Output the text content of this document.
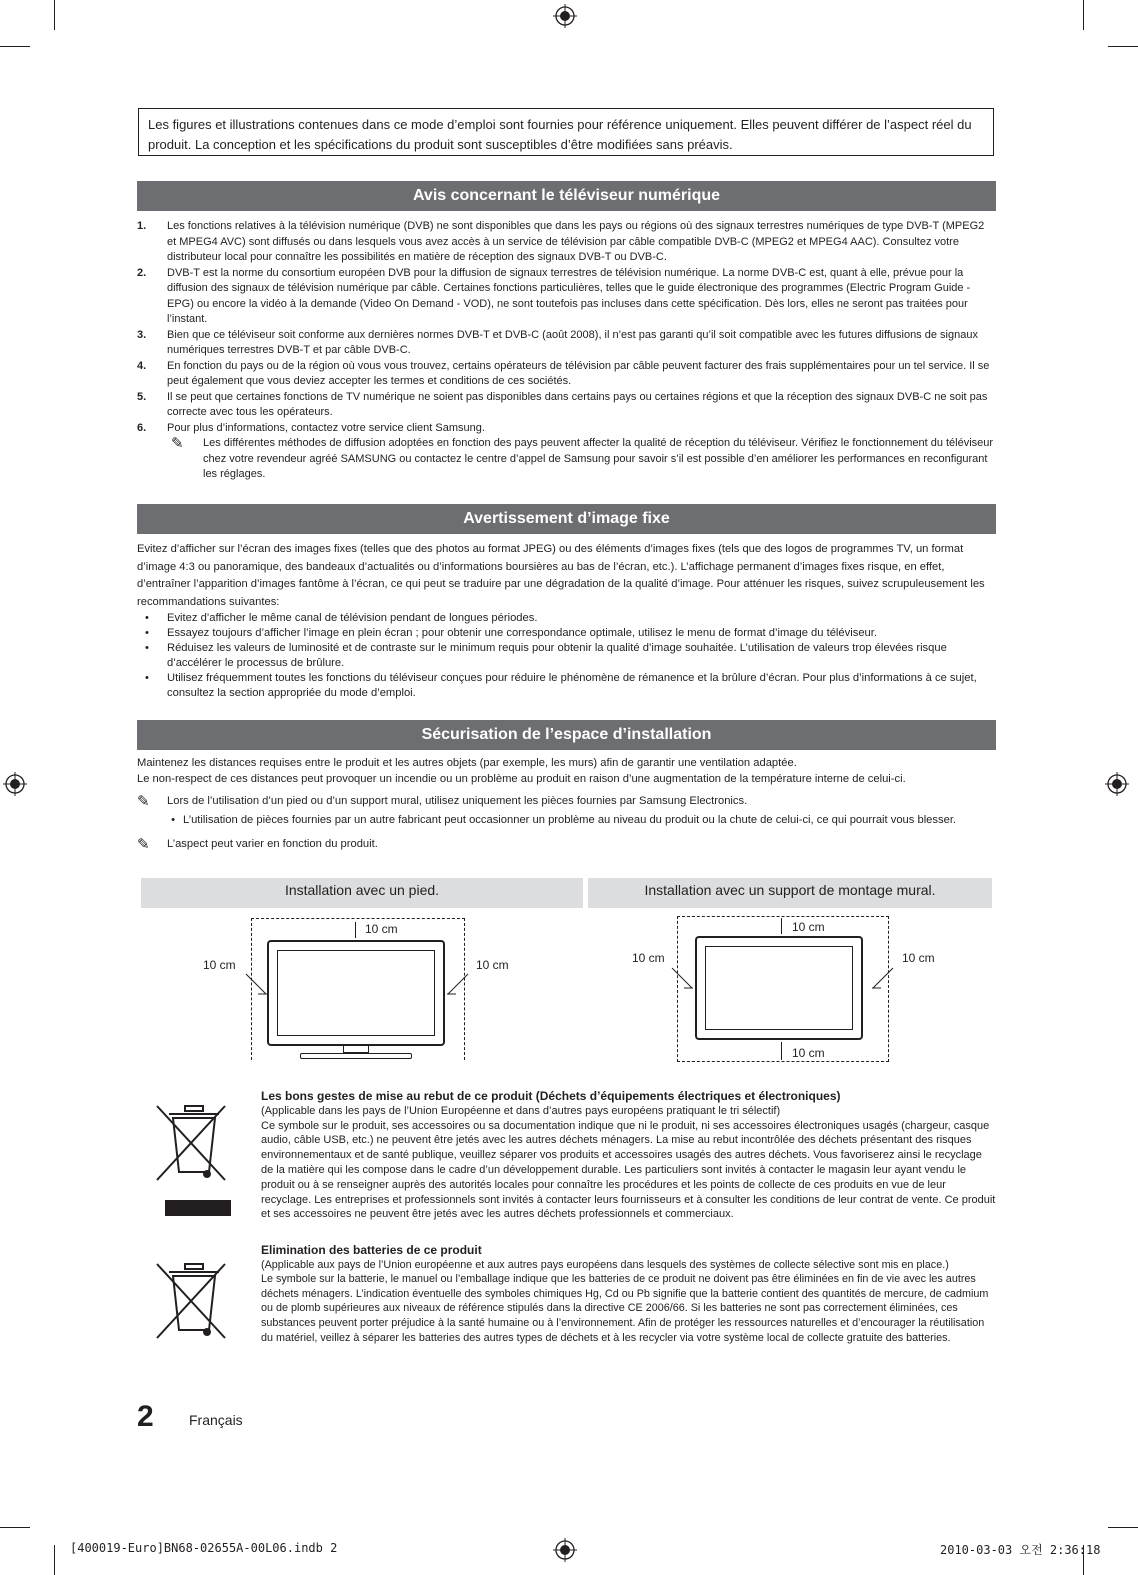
Les figures et illustrations contenues dans ce mode d’emploi sont fournies pour référence uniquement. Elles peuvent différer de l’aspect réel du produit. La conception et les spécifications du produit sont susceptibles d’être modifiées sans préavis.
Avis concernant le téléviseur numérique
1.	Les fonctions relatives à la télévision numérique (DVB) ne sont disponibles que dans les pays ou régions où des signaux terrestres numériques de type DVB-T (MPEG2 et MPEG4 AVC) sont diffusés ou dans lesquels vous avez accès à un service de télévision par câble compatible DVB-C (MPEG2 et MPEG4 AAC). Consultez votre distributeur local pour connaître les possibilités en matière de réception des signaux DVB-T ou DVB-C.
2.	DVB-T est la norme du consortium européen DVB pour la diffusion de signaux terrestres de télévision numérique. La norme DVB-C est, quant à elle, prévue pour la diffusion des signaux de télévision numérique par câble. Certaines fonctions particulières, telles que le guide électronique des programmes (Electric Program Guide - EPG) ou encore la vidéo à la demande (Video On Demand - VOD), ne sont toutefois pas incluses dans cette spécification. Dès lors, elles ne seront pas traitées pour l’instant.
3.	Bien que ce téléviseur soit conforme aux dernières normes DVB-T et DVB-C (août 2008), il n’est pas garanti qu’il soit compatible avec les futures diffusions de signaux numériques terrestres DVB-T et par câble DVB-C.
4.	En fonction du pays ou de la région où vous vous trouvez, certains opérateurs de télévision par câble peuvent facturer des frais supplémentaires pour un tel service. Il se peut également que vous deviez accepter les termes et conditions de ces sociétés.
5.	Il se peut que certaines fonctions de TV numérique ne soient pas disponibles dans certains pays ou certaines régions et que la réception des signaux DVB-C ne soit pas correcte avec tous les opérateurs.
6.	Pour plus d’informations, contactez votre service client Samsung.
✎	Les différentes méthodes de diffusion adoptées en fonction des pays peuvent affecter la qualité de réception du téléviseur. Vérifiez le fonctionnement du téléviseur chez votre revendeur agréé SAMSUNG ou contactez le centre d’appel de Samsung pour savoir s’il est possible d’en améliorer les performances en reconfigurant les réglages.
Avertissement d’image fixe
Evitez d’afficher sur l’écran des images fixes (telles que des photos au format JPEG) ou des éléments d’images fixes (tels que des logos de programmes TV, un format d’image 4:3 ou panoramique, des bandeaux d’actualités ou d’informations boursières au bas de l’écran, etc.). L’affichage permanent d’images fixes risque, en effet, d’entraîner l’apparition d’images fantôme à l’écran, ce qui peut se traduire par une dégradation de la qualité d’image. Pour atténuer les risques, suivez scrupuleusement les recommandations suivantes:
•	Evitez d’afficher le même canal de télévision pendant de longues périodes.
•	Essayez toujours d’afficher l’image en plein écran ; pour obtenir une correspondance optimale, utilisez le menu de format d’image du téléviseur.
•	Réduisez les valeurs de luminosité et de contraste sur le minimum requis pour obtenir la qualité d’image souhaitée. L’utilisation de valeurs trop élevées risque d’accélérer le processus de brûlure.
•	Utilisez fréquemment toutes les fonctions du téléviseur conçues pour réduire le phénomène de rémanence et la brûlure d’écran. Pour plus d’informations à ce sujet, consultez la section appropriée du mode d’emploi.
Sécurisation de l’espace d’installation
Maintenez les distances requises entre le produit et les autres objets (par exemple, les murs) afin de garantir une ventilation adaptée.
Le non-respect de ces distances peut provoquer un incendie ou un problème au produit en raison d’une augmentation de la température interne de celui-ci.
✎	Lors de l’utilisation d’un pied ou d’un support mural, utilisez uniquement les pièces fournies par Samsung Electronics.
• L’utilisation de pièces fournies par un autre fabricant peut occasionner un problème au niveau du produit ou la chute de celui-ci, ce qui pourrait vous blesser.
✎	L’aspect peut varier en fonction du produit.
Installation avec un pied.	Installation avec un support de montage mural.
10 cm
10 cm	10 cm
10 cm
10 cm
10 cm	10 cm
Les bons gestes de mise au rebut de ce produit (Déchets d’équipements électriques et électroniques)
(Applicable dans les pays de l’Union Européenne et dans d’autres pays européens pratiquant le tri sélectif)
Ce symbole sur le produit, ses accessoires ou sa documentation indique que ni le produit, ni ses accessoires électroniques usagés (chargeur, casque audio, câble USB, etc.) ne peuvent être jetés avec les autres déchets ménagers. La mise au rebut incontrôlée des déchets présentant des risques environnementaux et de santé publique, veuillez séparer vos produits et accessoires usagés des autres déchets. Vous favoriserez ainsi le recyclage de la matière qui les compose dans le cadre d’un développement durable. Les particuliers sont invités à contacter le magasin leur ayant vendu le produit ou à se renseigner auprès des autorités locales pour connaître les procédures et les points de collecte de ces produits en vue de leur recyclage. Les entreprises et professionnels sont invités à contacter leurs fournisseurs et à consulter les conditions de leur contrat de vente. Ce produit et ses accessoires ne peuvent être jetés avec les autres déchets professionnels et commerciaux.
Elimination des batteries de ce produit
(Applicable aux pays de l’Union européenne et aux autres pays européens dans lesquels des systèmes de collecte sélective sont mis en place.)
Le symbole sur la batterie, le manuel ou l’emballage indique que les batteries de ce produit ne doivent pas être éliminées en fin de vie avec les autres déchets ménagers. L’indication éventuelle des symboles chimiques Hg, Cd ou Pb signifie que la batterie contient des quantités de mercure, de cadmium ou de plomb supérieures aux niveaux de référence stipulés dans la directive CE 2006/66. Si les batteries ne sont pas correctement éliminées, ces substances peuvent porter préjudice à la santé humaine ou à l’environnement. Afin de protéger les ressources naturelles et d’encourager la réutilisation du matériel, veillez à séparer les batteries des autres types de déchets et à les recycler via votre système local de collecte gratuite des batteries.
2	Français
[400019-Euro]BN68-02655A-00L06.indb 2	2010-03-03 오전 2:36:18
